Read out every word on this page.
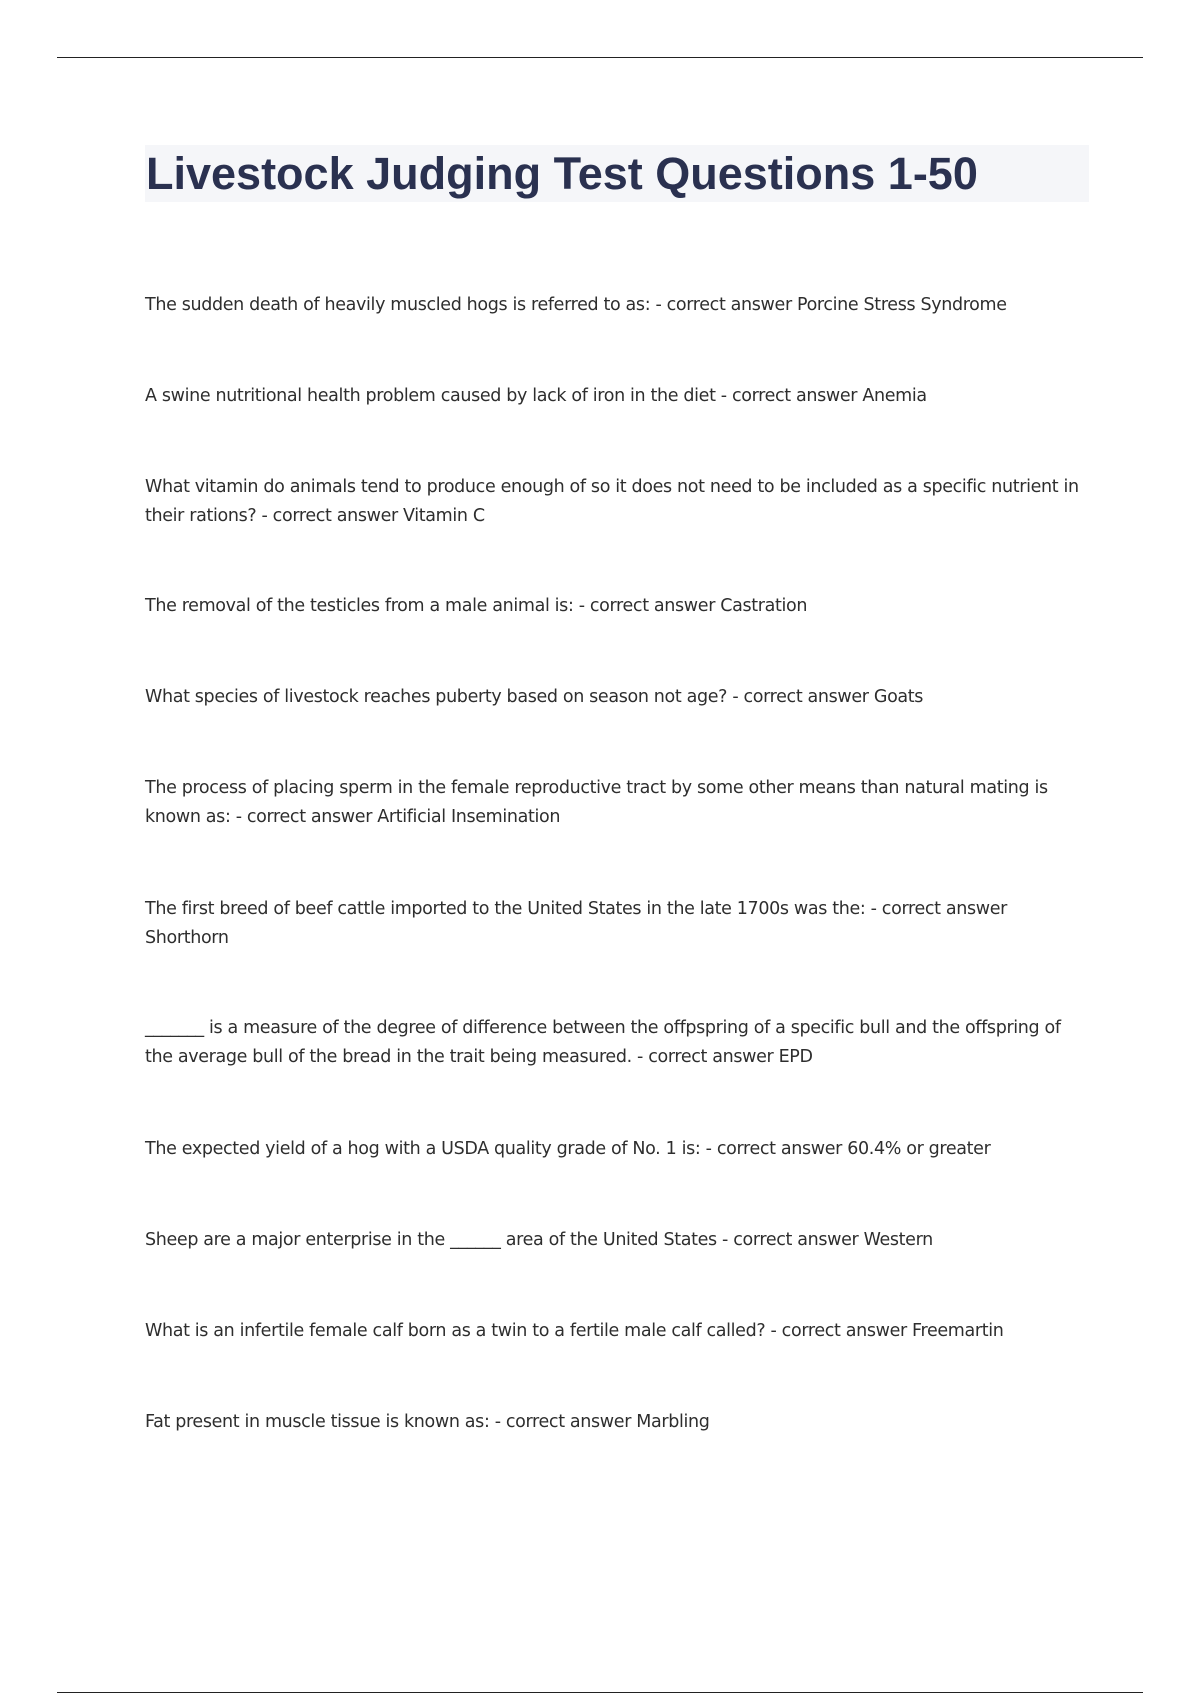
Livestock Judging Test Questions 1-50

The sudden death of heavily muscled hogs is referred to as: - correct answer Porcine Stress Syndrome

A swine nutritional health problem caused by lack of iron in the diet - correct answer Anemia

What vitamin do animals tend to produce enough of so it does not need to be included as a specific nutrient in their rations? - correct answer Vitamin C

The removal of the testicles from a male animal is: - correct answer Castration

What species of livestock reaches puberty based on season not age? - correct answer Goats

The process of placing sperm in the female reproductive tract by some other means than natural mating is known as: - correct answer Artificial Insemination

The first breed of beef cattle imported to the United States in the late 1700s was the: - correct answer Shorthorn

_______ is a measure of the degree of difference between the offpspring of a specific bull and the offspring of the average bull of the bread in the trait being measured. - correct answer EPD

The expected yield of a hog with a USDA quality grade of No. 1 is: - correct answer 60.4% or greater

Sheep are a major enterprise in the ______ area of the United States - correct answer Western

What is an infertile female calf born as a twin to a fertile male calf called? - correct answer Freemartin

Fat present in muscle tissue is known as: - correct answer Marbling
